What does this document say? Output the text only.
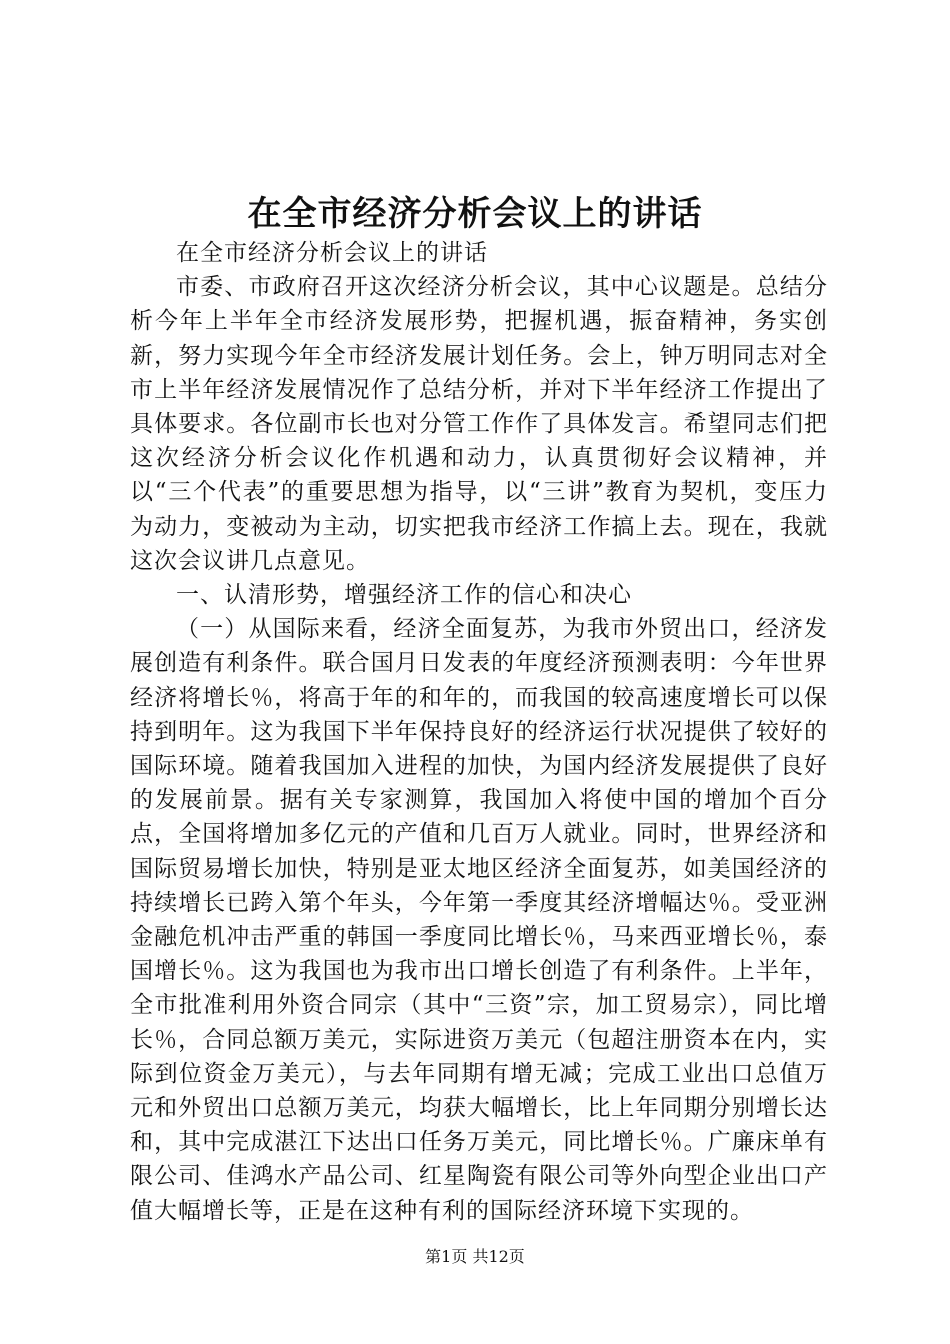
在全市经济分析会议上的讲话

在全市经济分析会议上的讲话

市委、市政府召开这次经济分析会议，其中心议题是。总结分析今年上半年全市经济发展形势，把握机遇，振奋精神，务实创新，努力实现今年全市经济发展计划任务。会上，钟万明同志对全市上半年经济发展情况作了总结分析，并对下半年经济工作提出了具体要求。各位副市长也对分管工作作了具体发言。希望同志们把这次经济分析会议化作机遇和动力，认真贯彻好会议精神，并以“三个代表”的重要思想为指导，以“三讲”教育为契机，变压力为动力，变被动为主动，切实把我市经济工作搞上去。现在，我就这次会议讲几点意见。

一、认清形势，增强经济工作的信心和决心

（一）从国际来看，经济全面复苏，为我市外贸出口，经济发展创造有利条件。联合国月日发表的年度经济预测表明：今年世界经济将增长％，将高于年的和年的，而我国的较高速度增长可以保持到明年。这为我国下半年保持良好的经济运行状况提供了较好的国际环境。随着我国加入进程的加快，为国内经济发展提供了良好的发展前景。据有关专家测算，我国加入将使中国的增加个百分点，全国将增加多亿元的产值和几百万人就业。同时，世界经济和国际贸易增长加快，特别是亚太地区经济全面复苏，如美国经济的持续增长已跨入第个年头，今年第一季度其经济增幅达％。受亚洲金融危机冲击严重的韩国一季度同比增长％，马来西亚增长％，泰国增长％。这为我国也为我市出口增长创造了有利条件。上半年，全市批准利用外资合同宗（其中“三资”宗，加工贸易宗），同比增长％，合同总额万美元，实际进资万美元（包超注册资本在内，实际到位资金万美元），与去年同期有增无减；完成工业出口总值万元和外贸出口总额万美元，均获大幅增长，比上年同期分别增长达和，其中完成湛江下达出口任务万美元，同比增长％。广廉床单有限公司、佳鸿水产品公司、红星陶瓷有限公司等外向型企业出口产值大幅增长等，正是在这种有利的国际经济环境下实现的。

第1页 共12页
